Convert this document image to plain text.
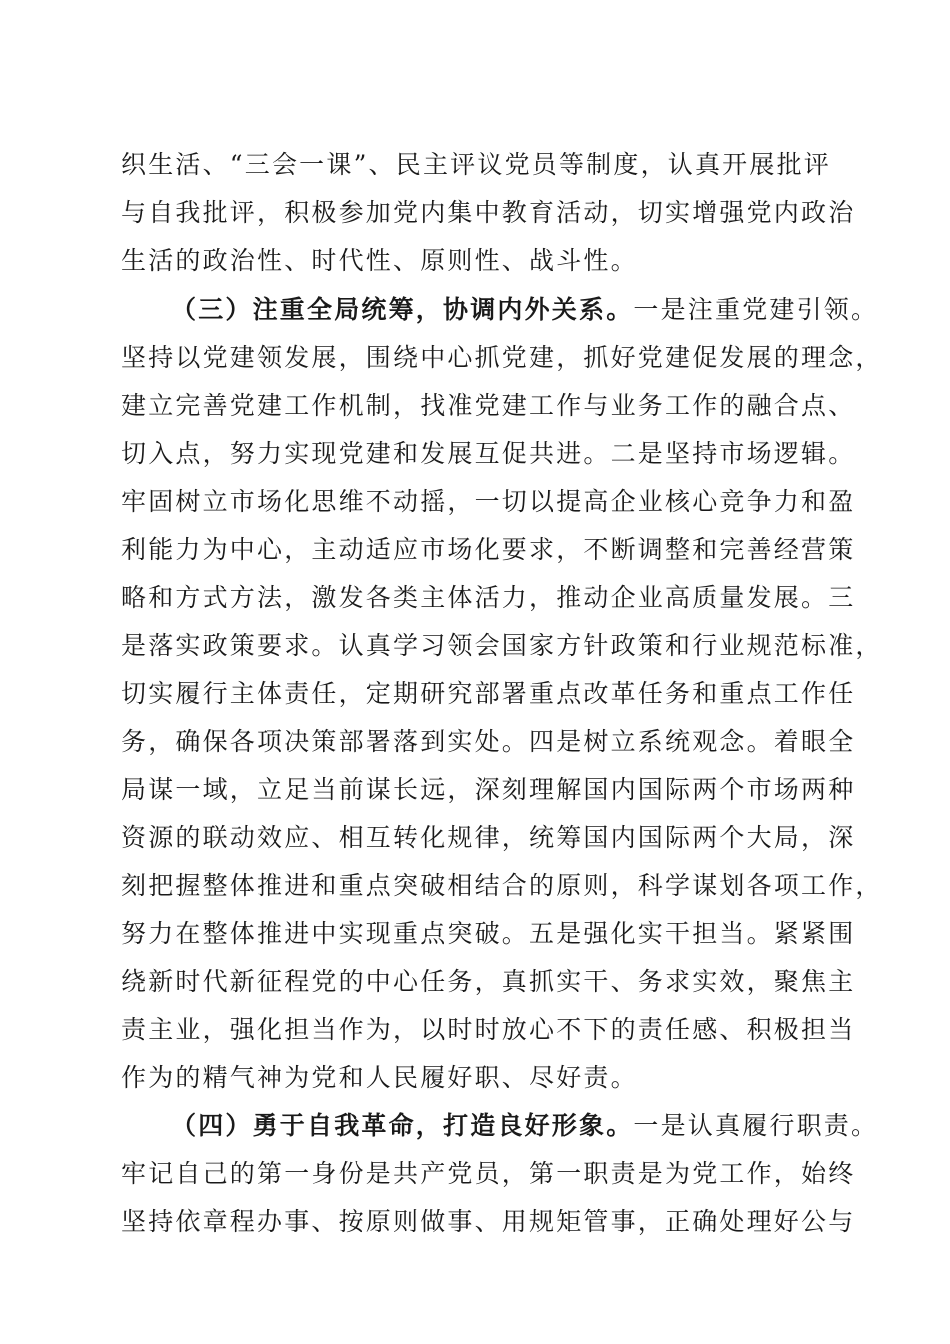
织生活、“三会一课”、民主评议党员等制度，认真开展批评
与自我批评，积极参加党内集中教育活动，切实增强党内政治
生活的政治性、时代性、原则性、战斗性。
（三）注重全局统筹，协调内外关系。一是注重党建引领。
坚持以党建领发展，围绕中心抓党建，抓好党建促发展的理念，
建立完善党建工作机制，找准党建工作与业务工作的融合点、
切入点，努力实现党建和发展互促共进。二是坚持市场逻辑。
牢固树立市场化思维不动摇，一切以提高企业核心竞争力和盈
利能力为中心，主动适应市场化要求，不断调整和完善经营策
略和方式方法，激发各类主体活力，推动企业高质量发展。三
是落实政策要求。认真学习领会国家方针政策和行业规范标准，
切实履行主体责任，定期研究部署重点改革任务和重点工作任
务，确保各项决策部署落到实处。四是树立系统观念。着眼全
局谋一域，立足当前谋长远，深刻理解国内国际两个市场两种
资源的联动效应、相互转化规律，统筹国内国际两个大局，深
刻把握整体推进和重点突破相结合的原则，科学谋划各项工作，
努力在整体推进中实现重点突破。五是强化实干担当。紧紧围
绕新时代新征程党的中心任务，真抓实干、务求实效，聚焦主
责主业，强化担当作为，以时时放心不下的责任感、积极担当
作为的精气神为党和人民履好职、尽好责。
（四）勇于自我革命，打造良好形象。一是认真履行职责。
牢记自己的第一身份是共产党员，第一职责是为党工作，始终
坚持依章程办事、按原则做事、用规矩管事，正确处理好公与
